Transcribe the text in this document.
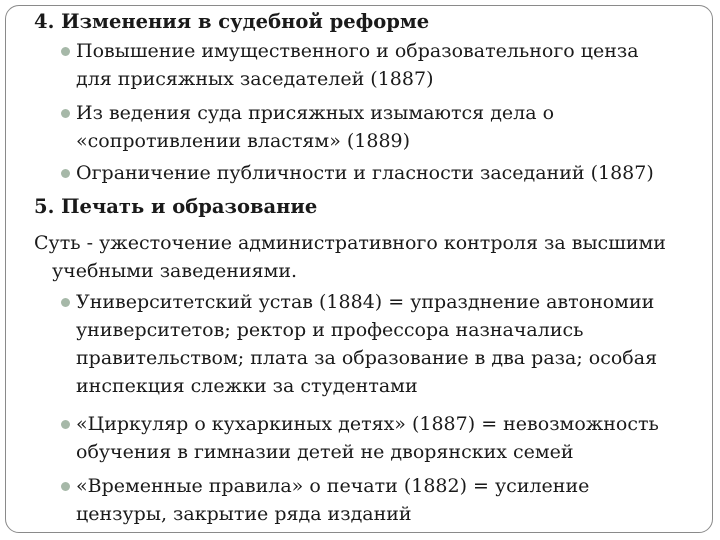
4. Изменения в судебной реформе
Повышение имущественного и образовательного ценза
для присяжных заседателей (1887)
Из ведения суда присяжных изымаются дела о
«сопротивлении властям» (1889)
Ограничение публичности и гласности заседаний (1887)
5. Печать и образование
Суть - ужесточение административного контроля за высшими
учебными заведениями.
Университетский устав (1884) = упразднение автономии
университетов; ректор и профессора назначались
правительством; плата за образование в два раза; особая
инспекция слежки за студентами
«Циркуляр о кухаркиных детях» (1887) = невозможность
обучения в гимназии детей не дворянских семей
«Временные правила» о печати (1882) = усиление
цензуры, закрытие ряда изданий
